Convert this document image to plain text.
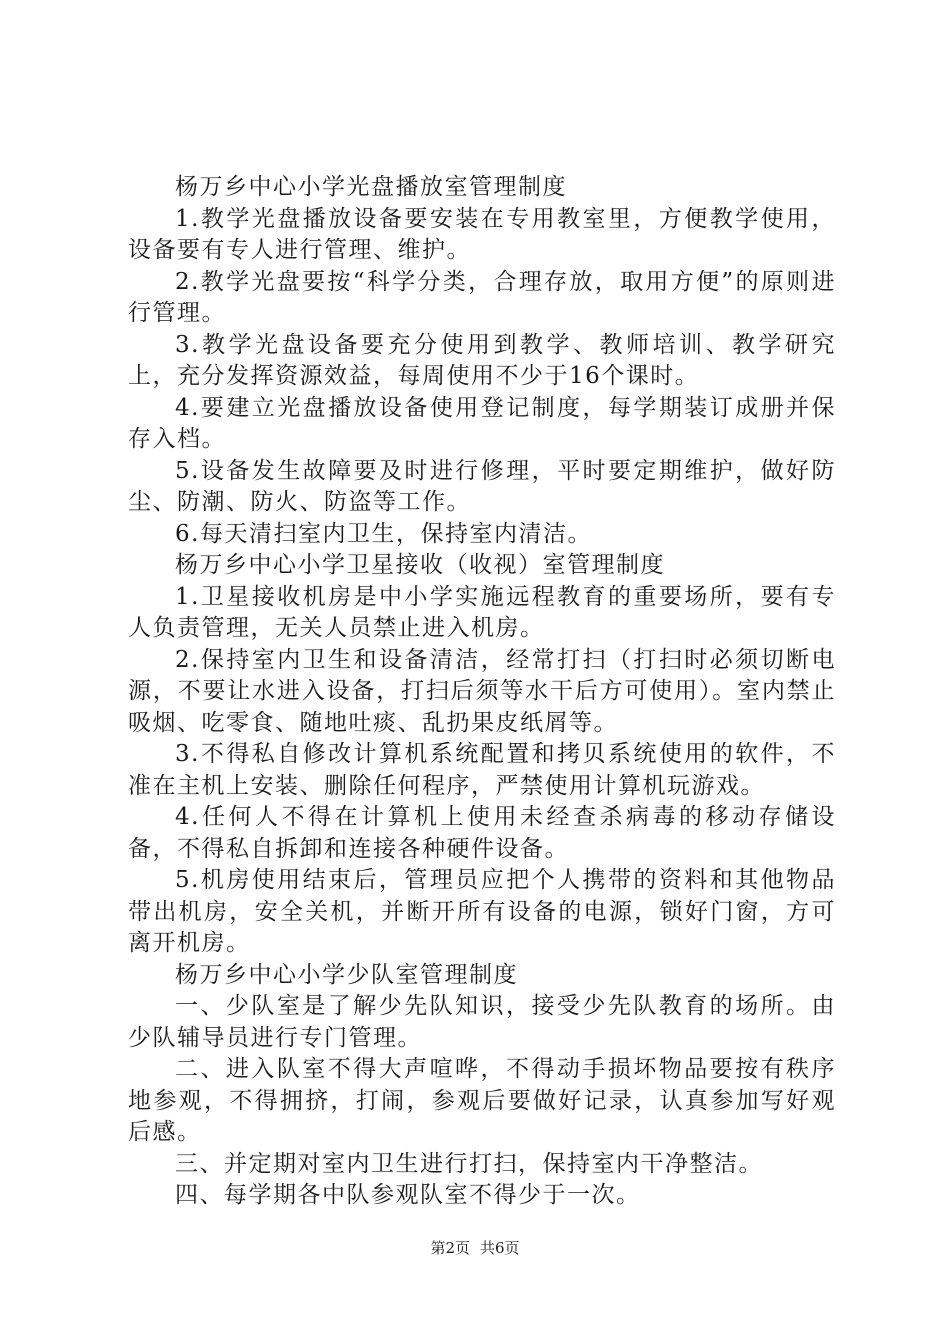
杨万乡中心小学光盘播放室管理制度

1.教学光盘播放设备要安装在专用教室里，方便教学使用，设备要有专人进行管理、维护。

2.教学光盘要按“科学分类，合理存放，取用方便”的原则进行管理。

3.教学光盘设备要充分使用到教学、教师培训、教学研究上，充分发挥资源效益，每周使用不少于16个课时。

4.要建立光盘播放设备使用登记制度，每学期装订成册并保存入档。

5.设备发生故障要及时进行修理，平时要定期维护，做好防尘、防潮、防火、防盗等工作。

6.每天清扫室内卫生，保持室内清洁。

杨万乡中心小学卫星接收（收视）室管理制度

1.卫星接收机房是中小学实施远程教育的重要场所，要有专人负责管理，无关人员禁止进入机房。

2.保持室内卫生和设备清洁，经常打扫（打扫时必须切断电源，不要让水进入设备，打扫后须等水干后方可使用）。室内禁止吸烟、吃零食、随地吐痰、乱扔果皮纸屑等。

3.不得私自修改计算机系统配置和拷贝系统使用的软件，不准在主机上安装、删除任何程序，严禁使用计算机玩游戏。

4.任何人不得在计算机上使用未经查杀病毒的移动存储设备，不得私自拆卸和连接各种硬件设备。

5.机房使用结束后，管理员应把个人携带的资料和其他物品带出机房，安全关机，并断开所有设备的电源，锁好门窗，方可离开机房。

杨万乡中心小学少队室管理制度

一、少队室是了解少先队知识，接受少先队教育的场所。由少队辅导员进行专门管理。

二、进入队室不得大声喧哗，不得动手损坏物品要按有秩序地参观，不得拥挤，打闹，参观后要做好记录，认真参加写好观后感。

三、并定期对室内卫生进行打扫，保持室内干净整洁。

四、每学期各中队参观队室不得少于一次。

第2页 共6页
